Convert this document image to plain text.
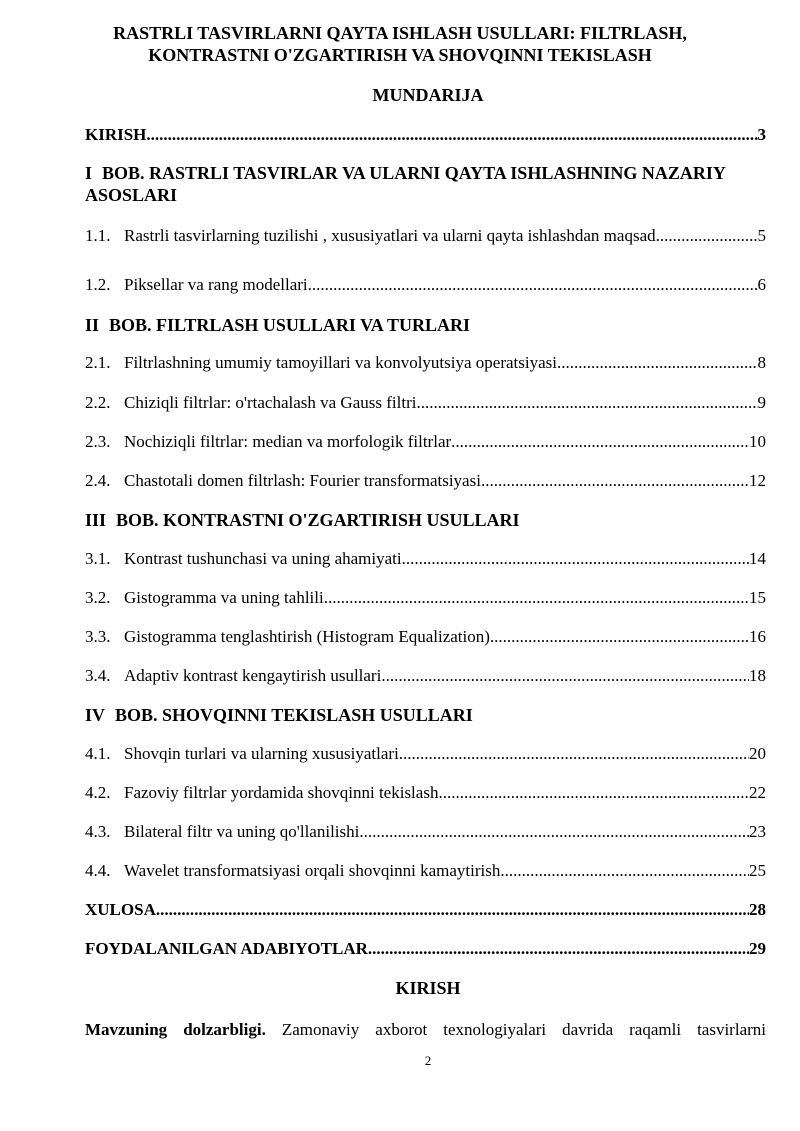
RASTRLI TASVIRLARNI QAYTA ISHLASH USULLARI: FILTRLASH,
KONTRASTNI O'ZGARTIRISH VA SHOVQINNI TEKISLASH
MUNDARIJA
KIRISH .....	3
I BOB. RASTRLI TASVIRLAR VA ULARNI QAYTA ISHLASHNING NAZARIY ASOSLARI
1.1. Rastrli tasvirlarning tuzilishi , xususiyatlari va ularni qayta ishlashdan maqsad .....	5
1.2. Piksellar va rang modellari .....	6
II BOB. FILTRLASH USULLARI VA TURLARI
2.1. Filtrlashning umumiy tamoyillari va konvolyutsiya operatsiyasi .....	8
2.2. Chiziqli filtrlar: o'rtachalash va Gauss filtri .....	9
2.3. Nochiziqli filtrlar: median va morfologik filtrlar .....	10
2.4. Chastotali domen filtrlash: Fourier transformatsiyasi .....	12
III BOB. KONTRASTNI O'ZGARTIRISH USULLARI
3.1. Kontrast tushunchasi va uning ahamiyati .....	14
3.2. Gistogramma va uning tahlili .....	15
3.3. Gistogramma tenglashtirish (Histogram Equalization) .....	16
3.4. Adaptiv kontrast kengaytirish usullari .....	18
IV BOB. SHOVQINNI TEKISLASH USULLARI
4.1. Shovqin turlari va ularning xususiyatlari .....	20
4.2. Fazoviy filtrlar yordamida shovqinni tekislash .....	22
4.3. Bilateral filtr va uning qo'llanilishi .....	23
4.4. Wavelet transformatsiyasi orqali shovqinni kamaytirish .....	25
XULOSA .....	28
FOYDALANILGAN ADABIYOTLAR .....	29
KIRISH

Mavzuning dolzarbligi. Zamonaviy axborot texnologiyalari davrida raqamli tasvirlarni

2
